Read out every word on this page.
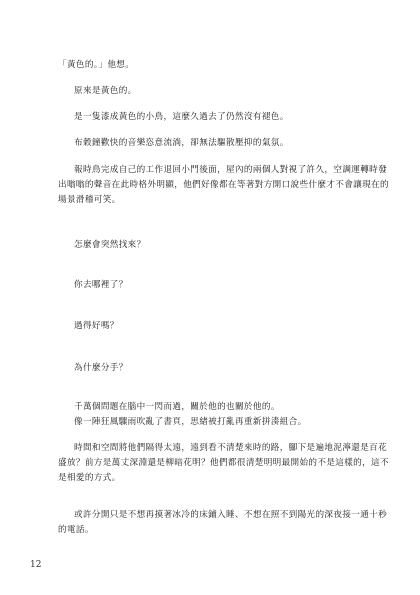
「黃色的。」他想。

原來是黃色的。

是一隻漆成黃色的小鳥，這麼久過去了仍然沒有褪色。

布穀鐘歡快的音樂恣意流淌，卻無法驅散壓抑的氣氛。

報時鳥完成自己的工作退回小門後面，屋內的兩個人對視了許久，空調運轉時發出嗡嗡的聲音在此時格外明顯，他們好像都在等著對方開口說些什麼才不會讓現在的場景滑稽可笑。

怎麼會突然找來？

你去哪裡了？

過得好嗎？

為什麼分手？

千萬個問題在腦中一閃而過，關於他的也關於他的。
像一陣狂風驟雨吹亂了書頁，思緒被打亂再重新拼湊組合。

時間和空間將他們隔得太遠，遠到看不清楚來時的路，腳下是遍地泥濘還是百花盛放？前方是萬丈深淵還是柳暗花明？他們都很清楚明明最開始的不是這樣的，這不是相愛的方式。

或許分開只是不想再摸著冰冷的床鋪入睡、不想在照不到陽光的深夜接一通十秒的電話。

12
